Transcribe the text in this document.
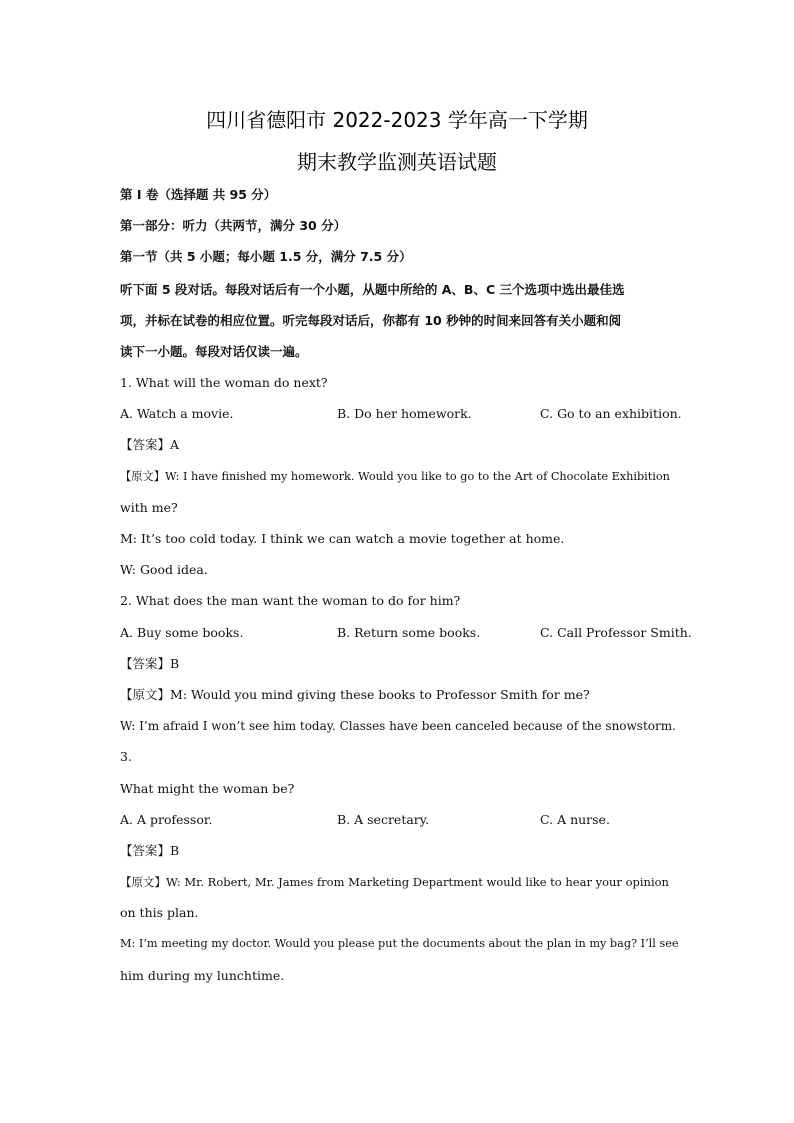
四川省德阳市 2022-2023 学年高一下学期
期末教学监测英语试题
第 I 卷（选择题 共 95 分）
第一部分：听力（共两节，满分 30 分）
第一节（共 5 小题；每小题 1.5 分，满分 7.5 分）
听下面 5 段对话。每段对话后有一个小题，从题中所给的 A、B、C 三个选项中选出最佳选
项，并标在试卷的相应位置。听完每段对话后，你都有 10 秒钟的时间来回答有关小题和阅
读下一小题。每段对话仅读一遍。
1. What will the woman do next?
A. Watch a movie.	B. Do her homework.	C. Go to an exhibition.
【答案】A
【原文】W: I have finished my homework. Would you like to go to the Art of Chocolate Exhibition
with me?
M: It’s too cold today. I think we can watch a movie together at home.
W: Good idea.
2. What does the man want the woman to do for him?
A. Buy some books.	B. Return some books.	C. Call Professor Smith.
【答案】B
【原文】M: Would you mind giving these books to Professor Smith for me?
W: I’m afraid I won’t see him today. Classes have been canceled because of the snowstorm.
3.
What might the woman be?
A. A professor.	B. A secretary.	C. A nurse.
【答案】B
【原文】W: Mr. Robert, Mr. James from Marketing Department would like to hear your opinion
on this plan.
M: I’m meeting my doctor. Would you please put the documents about the plan in my bag? I’ll see
him during my lunchtime.
